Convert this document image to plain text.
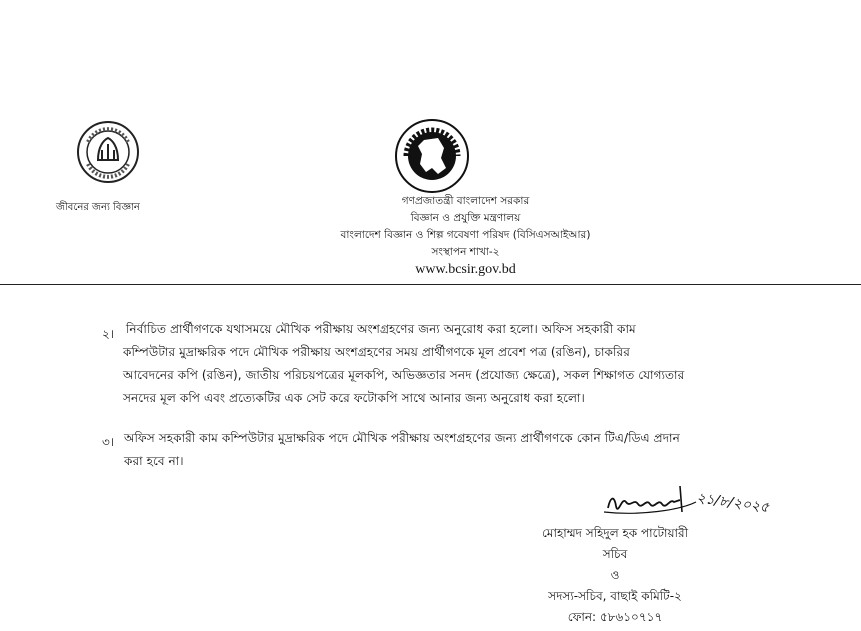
জীবনের জন্য বিজ্ঞান
গণপ্রজাতন্ত্রী বাংলাদেশ সরকার
বিজ্ঞান ও প্রযুক্তি মন্ত্রণালয়
বাংলাদেশ বিজ্ঞান ও শিল্প গবেষণা পরিষদ (বিসিএসআইআর)
সংস্থাপন শাখা-২
www.bcsir.gov.bd
২। নির্বাচিত প্রার্থীগণকে যথাসময়ে মৌখিক পরীক্ষায় অংশগ্রহণের জন্য অনুরোধ করা হলো। অফিস সহকারী কাম
কম্পিউটার মুদ্রাক্ষরিক পদে মৌখিক পরীক্ষায় অংশগ্রহণের সময় প্রার্থীগণকে মূল প্রবেশ পত্র (রঙিন), চাকরির
আবেদনের কপি (রঙিন), জাতীয় পরিচয়পত্রের মূলকপি, অভিজ্ঞতার সনদ (প্রযোজ্য ক্ষেত্রে), সকল শিক্ষাগত যোগ্যতার
সনদের মূল কপি এবং প্রত্যেকটির এক সেট করে ফটোকপি সাথে আনার জন্য অনুরোধ করা হলো।
৩। অফিস সহকারী কাম কম্পিউটার মুদ্রাক্ষরিক পদে মৌখিক পরীক্ষায় অংশগ্রহণের জন্য প্রার্থীগণকে কোন টিএ/ডিএ প্রদান
করা হবে না।
২১/৮/২০২৫
মোহাম্মদ সহিদুল হক পাটোয়ারী
সচিব
ও
সদস্য-সচিব, বাছাই কমিটি-২
ফোন: ৫৮৬১০৭১৭
